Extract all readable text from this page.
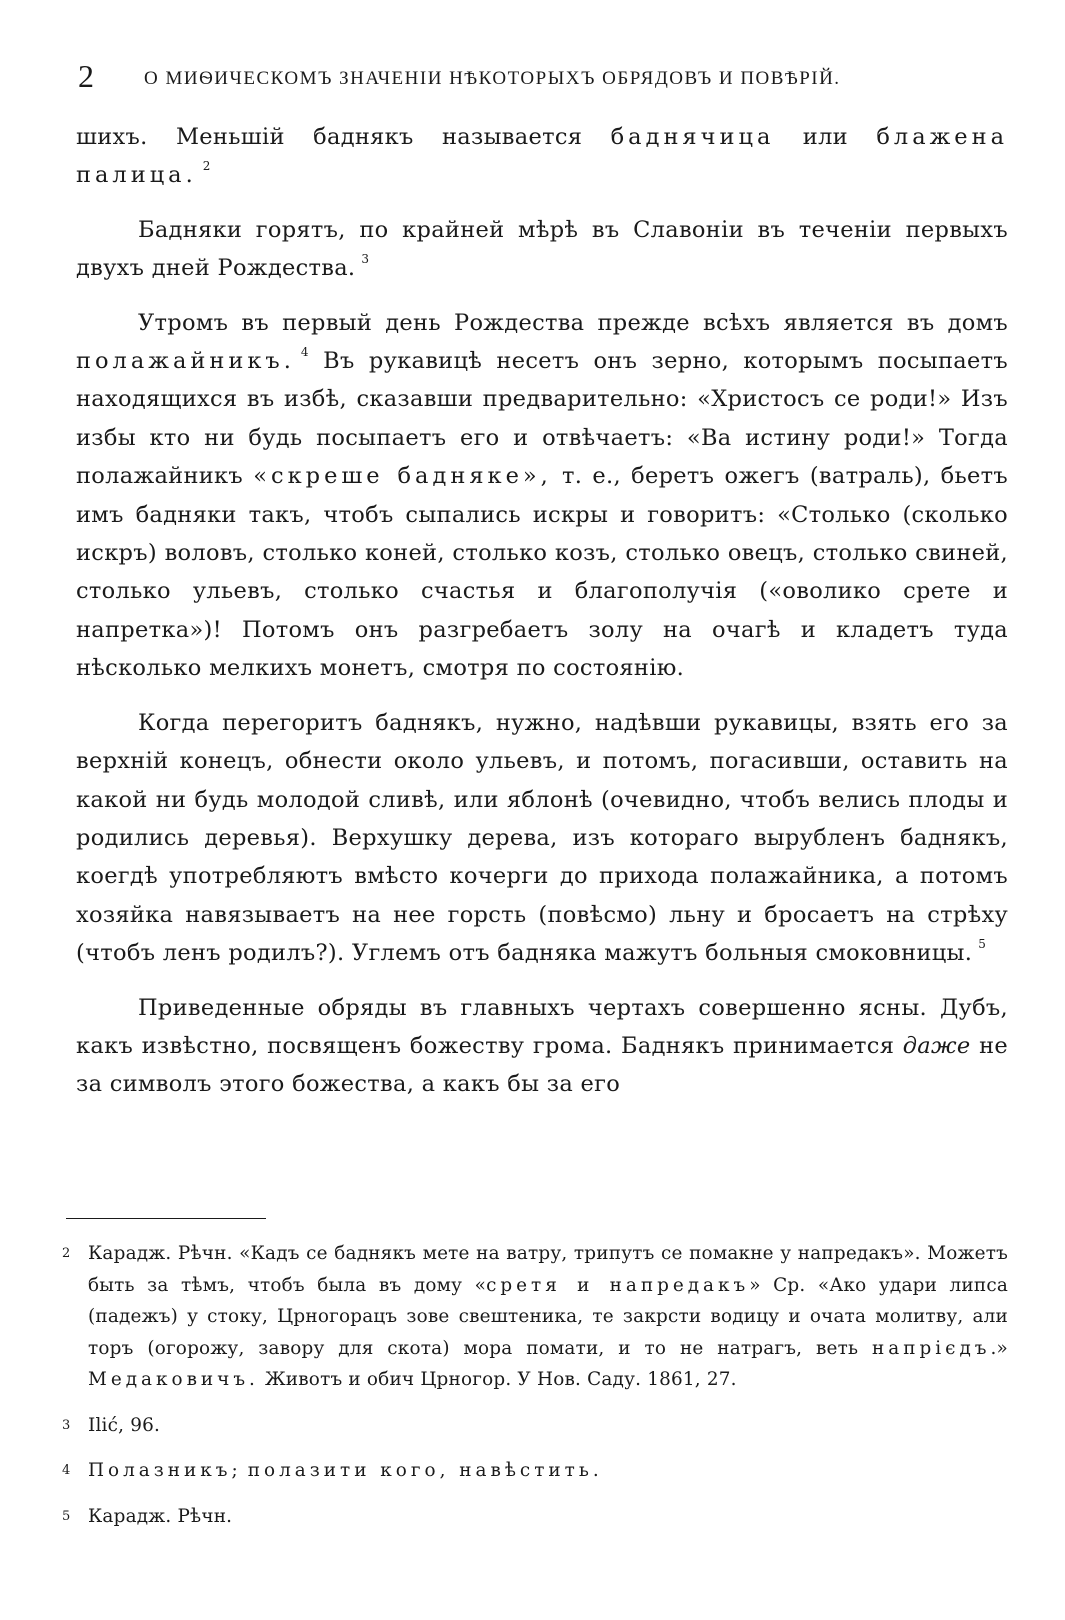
2	О МИѲИЧЕСКОМЪ ЗНАЧЕНІИ НѢКОТОРЫХЪ ОБРЯДОВЪ И ПОВѢРІЙ.

шихъ. Меньшій баднякъ называется баднячица или блажена палица. $^2$

Бадняки горятъ, по крайней мѣрѣ въ Славоніи въ теченіи первыхъ двухъ дней Рождества. $^3$

Утромъ въ первый день Рождества прежде всѣхъ является въ домъ полажайникъ. $^4$ Въ рукавицѣ несетъ онъ зерно, которымъ посыпаетъ находящихся въ избѣ, сказавши предварительно: «Христосъ се роди!» Изъ избы кто ни будь посыпаетъ его и отвѣчаетъ: «Ва истину роди!» Тогда полажайникъ «скреше бадняке», т. е., беретъ ожегъ (ватраль), бьетъ имъ бадняки такъ, чтобъ сыпались искры и говоритъ: «Столько (сколько искръ) воловъ, столько коней, столько козъ, столько овецъ, столько свиней, столько ульевъ, столько счастья и благополучія («оволико срете и напретка»)! Потомъ онъ разгребаетъ золу на очагѣ и кладетъ туда нѣсколько мелкихъ монетъ, смотря по состоянію.

Когда перегоритъ баднякъ, нужно, надѣвши рукавицы, взять его за верхній конецъ, обнести около ульевъ, и потомъ, погасивши, оставить на какой ни будь молодой сливѣ, или яблонѣ (очевидно, чтобъ велись плоды и родились деревья). Верхушку дерева, изъ котораго вырубленъ баднякъ, коегдѣ употребляютъ вмѣсто кочерги до прихода полажайника, а потомъ хозяйка навязываетъ на нее горсть (повѣсмо) льну и бросаетъ на стрѣху (чтобъ ленъ родилъ?). Углемъ отъ бадняка мажутъ больныя смоковницы. $^5$

Приведенные обряды въ главныхъ чертахъ совершенно ясны. Дубъ, какъ извѣстно, посвященъ божеству грома. Баднякъ принимается даже не за символъ этого божества, а какъ бы за его

2 Карадж. Рѣчн. «Кадъ се баднякъ мете на ватру, трипутъ се помакне у напредакъ». Можетъ быть за тѣмъ, чтобъ была въ дому «сретя и напредакъ» Ср. «Ако удари липса (падежъ) у стоку, Црногорацъ зове свештеника, те закрсти водицу и очата молитву, али торъ (огорожу, завору для скота) мора помати, и то не натрагъ, веть напрієдъ.» Медаковичъ. Животъ и обич Црногор. У Нов. Саду. 1861, 27.
3 Ilić, 96.
4 Полазникъ; полазити кого, навѣстить.
5 Карадж. Рѣчн.
